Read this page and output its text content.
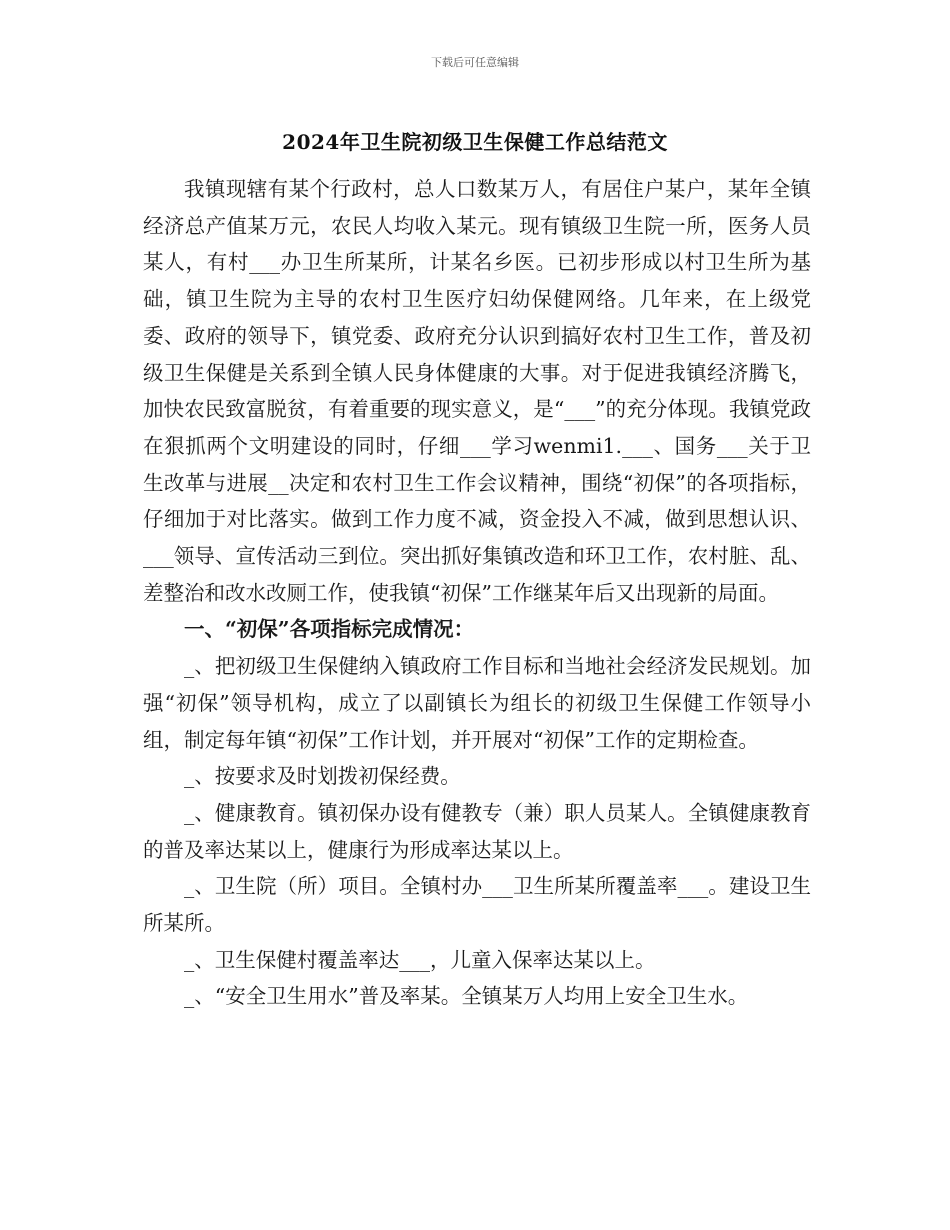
下载后可任意编辑
2024年卫生院初级卫生保健工作总结范文

我镇现辖有某个行政村，总人口数某万人，有居住户某户，某年全镇经济总产值某万元，农民人均收入某元。现有镇级卫生院一所，医务人员某人，有村___办卫生所某所，计某名乡医。已初步形成以村卫生所为基础，镇卫生院为主导的农村卫生医疗妇幼保健网络。几年来，在上级党委、政府的领导下，镇党委、政府充分认识到搞好农村卫生工作，普及初级卫生保健是关系到全镇人民身体健康的大事。对于促进我镇经济腾飞，加快农民致富脱贫，有着重要的现实意义，是“___”的充分体现。我镇党政在狠抓两个文明建设的同时，仔细___学习wenmi1.___、国务___关于卫生改革与进展__决定和农村卫生工作会议精神，围绕“初保”的各项指标，仔细加于对比落实。做到工作力度不减，资金投入不减，做到思想认识、___领导、宣传活动三到位。突出抓好集镇改造和环卫工作，农村脏、乱、差整治和改水改厕工作，使我镇“初保”工作继某年后又出现新的局面。

一、“初保”各项指标完成情况：

_、把初级卫生保健纳入镇政府工作目标和当地社会经济发民规划。加强“初保”领导机构，成立了以副镇长为组长的初级卫生保健工作领导小组，制定每年镇“初保”工作计划，并开展对“初保”工作的定期检查。

_、按要求及时划拨初保经费。

_、健康教育。镇初保办设有健教专（兼）职人员某人。全镇健康教育的普及率达某以上，健康行为形成率达某以上。

_、卫生院（所）项目。全镇村办___卫生所某所覆盖率___。建设卫生所某所。

_、卫生保健村覆盖率达___，儿童入保率达某以上。

_、“安全卫生用水”普及率某。全镇某万人均用上安全卫生水。
